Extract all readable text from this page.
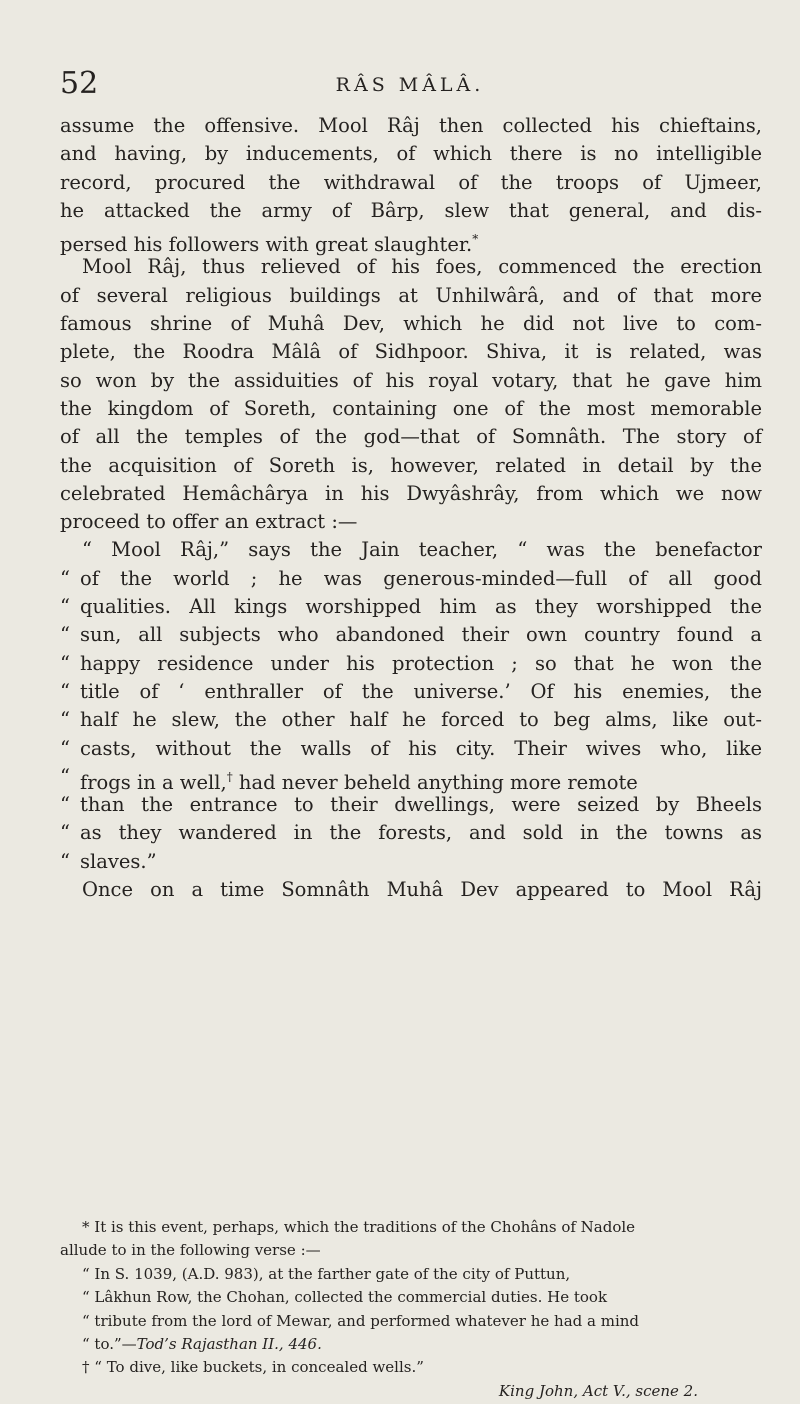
52	RÂS MÂLÂ.
assume the offensive. Mool Râj then collected his chieftains,
and having, by inducements, of which there is no intelligible
record, procured the withdrawal of the troops of Ujmeer,
he attacked the army of Bârp, slew that general, and dis-
persed his followers with great slaughter.*
Mool Râj, thus relieved of his foes, commenced the erection
of several religious buildings at Unhilwârâ, and of that more
famous shrine of Muhâ Dev, which he did not live to com-
plete, the Roodra Mâlâ of Sidhpoor. Shiva, it is related, was
so won by the assiduities of his royal votary, that he gave him
the kingdom of Soreth, containing one of the most memorable
of all the temples of the god—that of Somnâth. The story of
the acquisition of Soreth is, however, related in detail by the
celebrated Hemâchârya in his Dwyâshrây, from which we now
proceed to offer an extract :—
“ Mool Râj,” says the Jain teacher, “ was the benefactor
“ of the world ; he was generous-minded—full of all good
“ qualities. All kings worshipped him as they worshipped the
“ sun, all subjects who abandoned their own country found a
“ happy residence under his protection ; so that he won the
“ title of ‘ enthraller of the universe.’ Of his enemies, the
“ half he slew, the other half he forced to beg alms, like out-
“ casts, without the walls of his city. Their wives who, like
“ frogs in a well,† had never beheld anything more remote
“ than the entrance to their dwellings, were seized by Bheels
“ as they wandered in the forests, and sold in the towns as
“ slaves.”
Once on a time Somnâth Muhâ Dev appeared to Mool Râj
* It is this event, perhaps, which the traditions of the Chohâns of Nadole
allude to in the following verse :—
“ In S. 1039, (A.D. 983), at the farther gate of the city of Puttun,
“ Lâkhun Row, the Chohan, collected the commercial duties. He took
“ tribute from the lord of Mewar, and performed whatever he had a mind
“ to.”—Tod’s Rajasthan II., 446.
† “ To dive, like buckets, in concealed wells.”
King John, Act V., scene 2.
